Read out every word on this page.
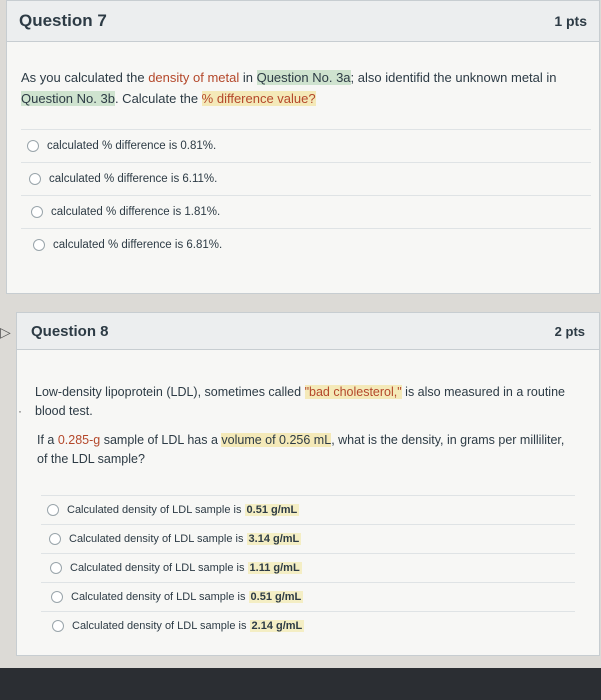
Question 7	1 pts
As you calculated the density of metal in Question No. 3a; also identifid the unknown metal in Question No. 3b. Calculate the % difference value?
calculated % difference is
0.81%.
calculated % difference is
6.11%.
calculated % difference is
1.81%.
calculated % difference is
6.81%.
▷ Question 8	2 pts
Low-density lipoprotein (LDL), sometimes called "bad cholesterol," is also measured in a routine blood test.
If a 0.285-g sample of LDL has a volume of 0.256 mL, what is the density, in grams per milliliter, of the LDL sample?
Calculated density of LDL sample is
0.51 g/mL
Calculated density of LDL sample is
3.14 g/mL
Calculated density of LDL sample is
1.11 g/mL
Calculated density of LDL sample is
0.51 g/mL
Calculated density of LDL sample is
2.14 g/mL
·
